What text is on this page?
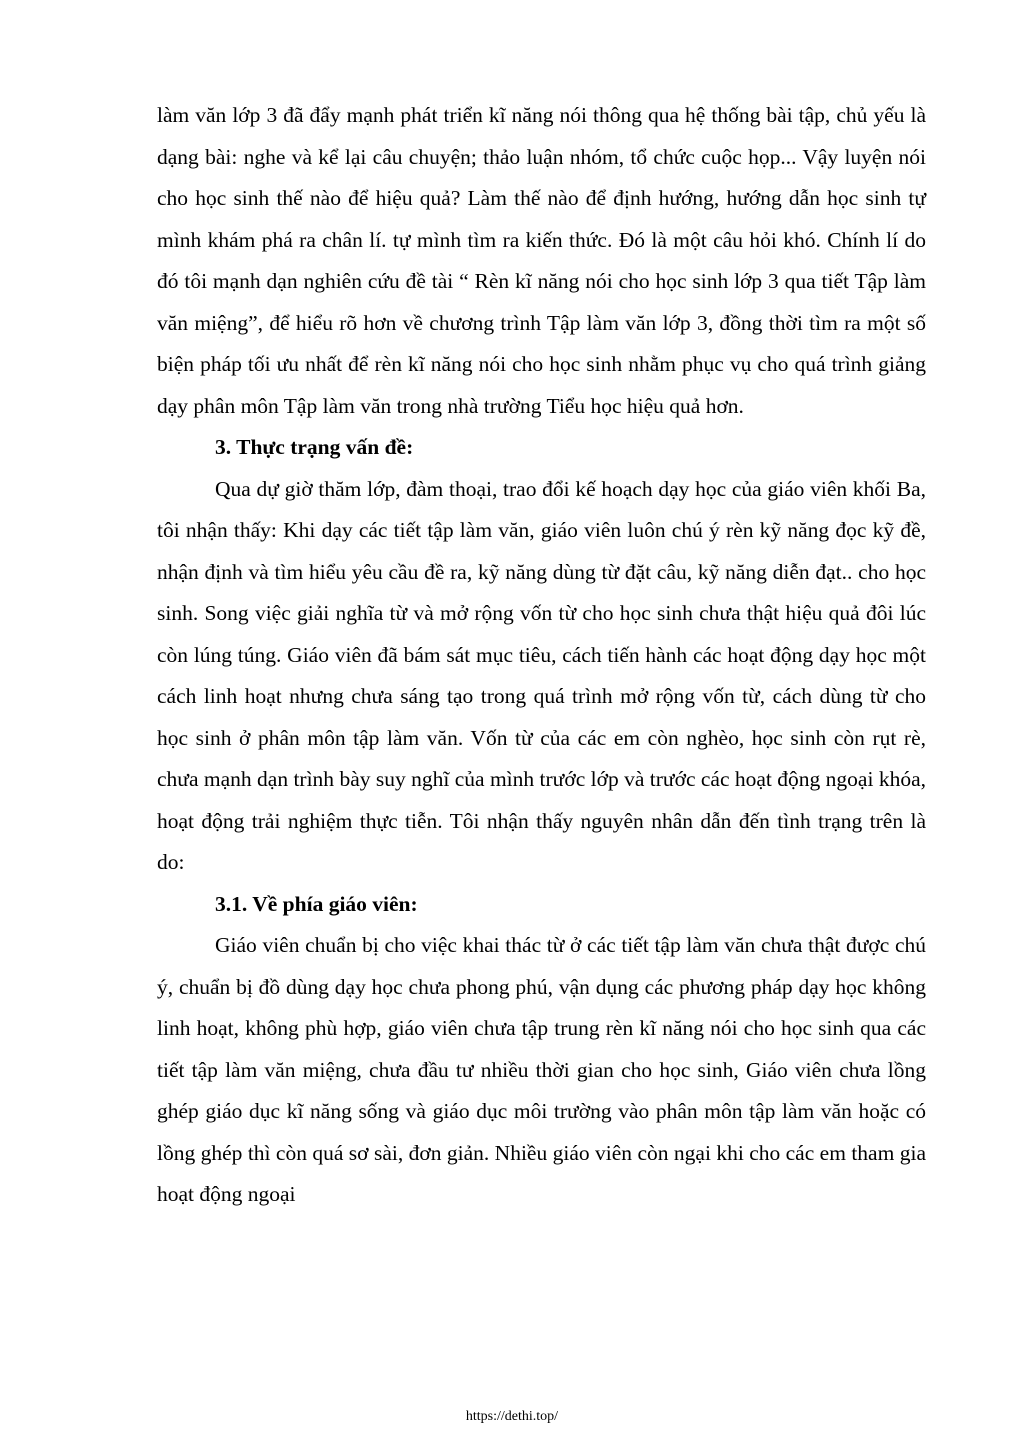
làm văn lớp 3 đã đẩy mạnh phát triển kĩ năng nói thông qua hệ thống bài tập, chủ yếu là dạng bài: nghe và kể lại câu chuyện; thảo luận nhóm, tổ chức cuộc họp... Vậy luyện nói cho học sinh thế nào để hiệu quả? Làm thế nào để định hướng, hướng dẫn học sinh tự mình khám phá ra chân lí. tự mình tìm ra kiến thức. Đó là một câu hỏi khó. Chính lí do đó tôi mạnh dạn nghiên cứu đề tài “ Rèn kĩ năng nói cho học sinh lớp 3 qua tiết Tập làm văn miệng”, để hiểu rõ hơn về chương trình Tập làm văn lớp 3, đồng thời tìm ra một số biện pháp tối ưu nhất để rèn kĩ năng nói cho học sinh nhằm phục vụ cho quá trình giảng dạy phân môn Tập làm văn trong nhà trường Tiểu học hiệu quả hơn.

3. Thực trạng vấn đề:

Qua dự giờ thăm lớp, đàm thoại, trao đổi kế hoạch dạy học của giáo viên khối Ba, tôi nhận thấy: Khi dạy các tiết tập làm văn, giáo viên luôn chú ý rèn kỹ năng đọc kỹ đề, nhận định và tìm hiểu yêu cầu đề ra, kỹ năng dùng từ đặt câu, kỹ năng diễn đạt.. cho học sinh. Song việc giải nghĩa từ và mở rộng vốn từ cho học sinh chưa thật hiệu quả đôi lúc còn lúng túng. Giáo viên đã bám sát mục tiêu, cách tiến hành các hoạt động dạy học một cách linh hoạt nhưng chưa sáng tạo trong quá trình mở rộng vốn từ, cách dùng từ cho học sinh ở phân môn tập làm văn. Vốn từ của các em còn nghèo, học sinh còn rụt rè, chưa mạnh dạn trình bày suy nghĩ của mình trước lớp và trước các hoạt động ngoại khóa, hoạt động trải nghiệm thực tiễn. Tôi nhận thấy nguyên nhân dẫn đến tình trạng trên là do:

3.1. Về phía giáo viên:

Giáo viên chuẩn bị cho việc khai thác từ ở các tiết tập làm văn chưa thật được chú ý, chuẩn bị đồ dùng dạy học chưa phong phú, vận dụng các phương pháp dạy học không linh hoạt, không phù hợp, giáo viên chưa tập trung rèn kĩ năng nói cho học sinh qua các tiết tập làm văn miệng, chưa đầu tư nhiều thời gian cho học sinh, Giáo viên chưa lồng ghép giáo dục kĩ năng sống và giáo dục môi trường vào phân môn tập làm văn hoặc có lồng ghép thì còn quá sơ sài, đơn giản. Nhiều giáo viên còn ngại khi cho các em tham gia hoạt động ngoại

https://dethi.top/
